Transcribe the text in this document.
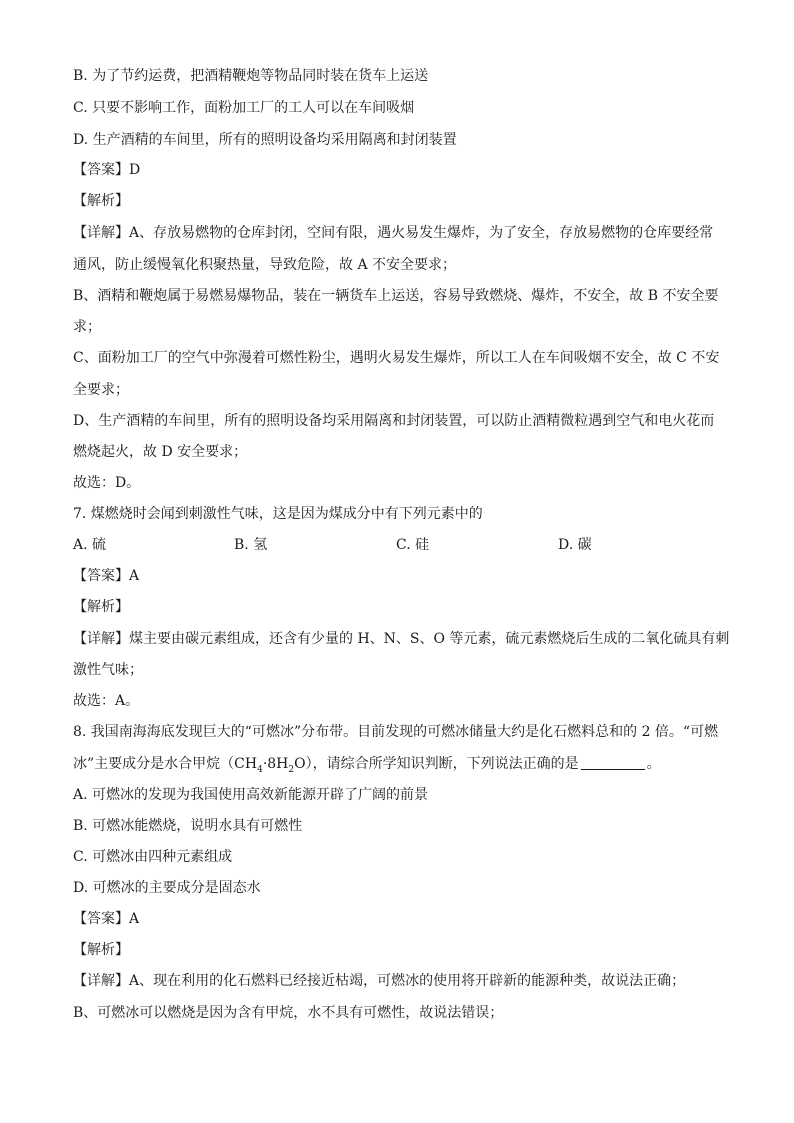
B. 为了节约运费，把酒精鞭炮等物品同时装在货车上运送
C. 只要不影响工作，面粉加工厂的工人可以在车间吸烟
D. 生产酒精的车间里，所有的照明设备均采用隔离和封闭装置
【答案】D
【解析】
【详解】A、存放易燃物的仓库封闭，空间有限，遇火易发生爆炸，为了安全，存放易燃物的仓库要经常
通风，防止缓慢氧化积聚热量，导致危险，故 A 不安全要求；
B、酒精和鞭炮属于易燃易爆物品，装在一辆货车上运送，容易导致燃烧、爆炸，不安全，故 B 不安全要
求；
C、面粉加工厂的空气中弥漫着可燃性粉尘，遇明火易发生爆炸，所以工人在车间吸烟不安全，故 C 不安
全要求；
D、生产酒精的车间里，所有的照明设备均采用隔离和封闭装置，可以防止酒精微粒遇到空气和电火花而
燃烧起火，故 D 安全要求；
故选：D。
7. 煤燃烧时会闻到刺激性气味，这是因为煤成分中有下列元素中的
A. 硫	B. 氢	C. 硅	D. 碳
【答案】A
【解析】
【详解】煤主要由碳元素组成，还含有少量的 H、N、S、O 等元素，硫元素燃烧后生成的二氧化硫具有刺
激性气味；
故选：A。
8. 我国南海海底发现巨大的“可燃冰”分布带。目前发现的可燃冰储量大约是化石燃料总和的 2 倍。“可燃
冰”主要成分是水合甲烷$(CH_4\cdot 8H_2O)$，请综合所学知识判断，下列说法正确的是	。
A. 可燃冰的发现为我国使用高效新能源开辟了广阔的前景
B. 可燃冰能燃烧，说明水具有可燃性
C. 可燃冰由四种元素组成
D. 可燃冰的主要成分是固态水
【答案】A
【解析】
【详解】A、现在利用的化石燃料已经接近枯竭，可燃冰的使用将开辟新的能源种类，故说法正确；
B、可燃冰可以燃烧是因为含有甲烷，水不具有可燃性，故说法错误；
